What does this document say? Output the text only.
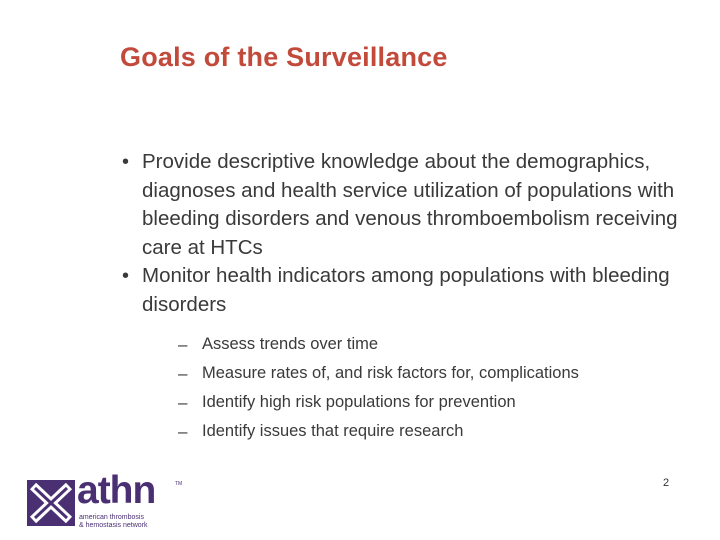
Goals of the Surveillance
• Provide descriptive knowledge about the demographics, diagnoses and health service utilization of populations with bleeding disorders and venous thromboembolism receiving care at HTCs
• Monitor health indicators among populations with bleeding disorders
– Assess trends over time
– Measure rates of, and risk factors for, complications
– Identify high risk populations for prevention
– Identify issues that require research
2
athn	TM
american thrombosis
& hemostasis network
